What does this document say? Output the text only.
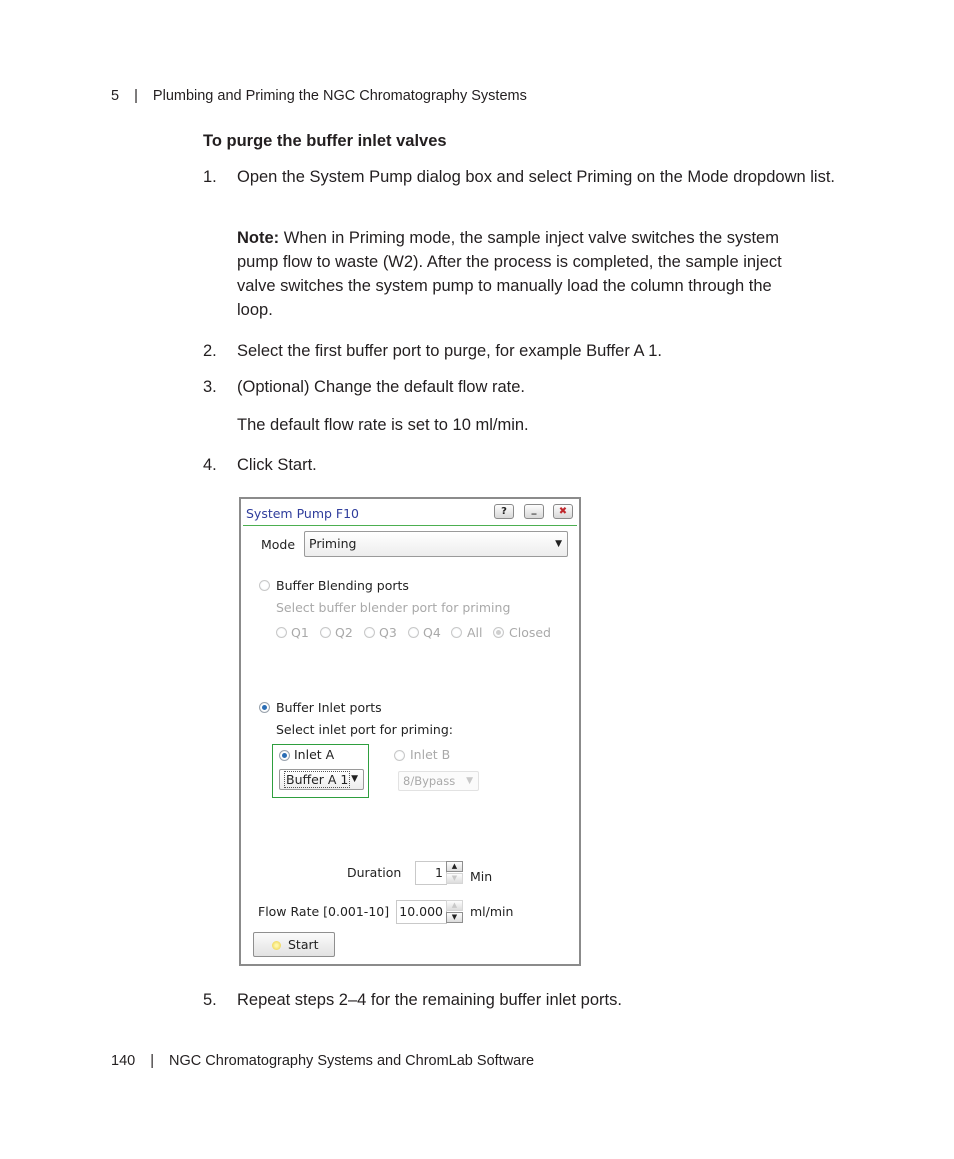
5 | Plumbing and Priming the NGC Chromatography Systems
To purge the buffer inlet valves
1. Open the System Pump dialog box and select Priming on the Mode dropdown list.
Note: When in Priming mode, the sample inject valve switches the system pump flow to waste (W2). After the process is completed, the sample inject valve switches the system pump to manually load the column through the loop.
2. Select the first buffer port to purge, for example Buffer A 1.
3. (Optional) Change the default flow rate.
The default flow rate is set to 10 ml/min.
4. Click Start.
System Pump F10	?	_	✖
Mode	Priming	▼
Buffer Blending ports
Select buffer blender port for priming
Q1 Q2 Q3 Q4 All Closed
Buffer Inlet ports
Select inlet port for priming:
Inlet A
Buffer A 1 ▼
Inlet B
8/Bypass ▼
Duration	1	▲
▼	Min
Flow Rate [0.001-10] 10.000	▲
▼	ml/min
Start
5. Repeat steps 2–4 for the remaining buffer inlet ports.
140 | NGC Chromatography Systems and ChromLab Software
